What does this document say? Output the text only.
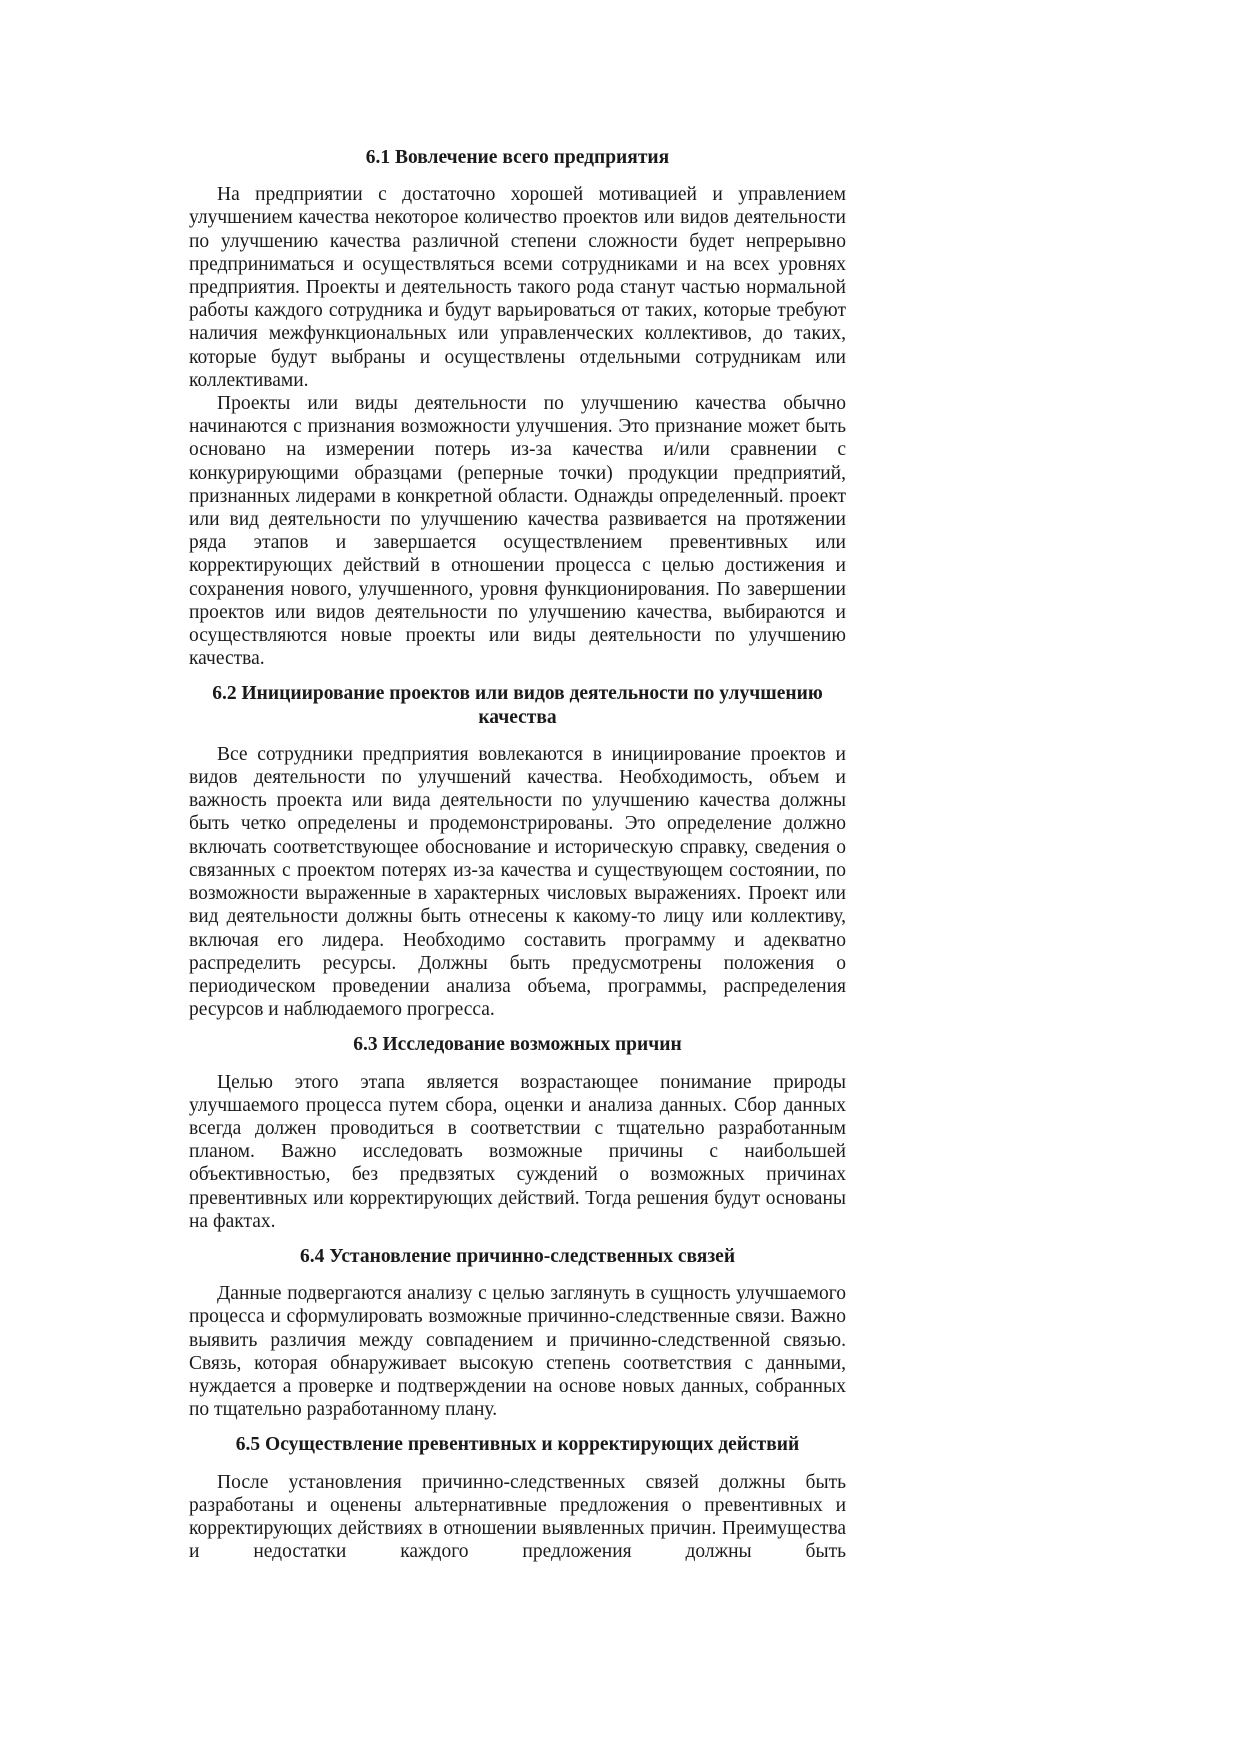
6.1 Вовлечение всего предприятия

На предприятии с достаточно хорошей мотивацией и управлением улучшением качества некоторое количество проектов или видов деятельности по улучшению качества различной степени сложности будет непрерывно предприниматься и осуществляться всеми сотрудниками и на всех уровнях предприятия. Проекты и деятельность такого рода станут частью нормальной работы каждого сотрудника и будут варьироваться от таких, которые требуют наличия межфункциональных или управленческих коллективов, до таких, которые будут выбраны и осуществлены отдельными сотрудникам или коллективами.

Проекты или виды деятельности по улучшению качества обычно начинаются с признания возможности улучшения. Это признание может быть основано на измерении потерь из-за качества и/или сравнении с конкурирующими образцами (реперные точки) продукции предприятий, признанных лидерами в конкретной области. Однажды определенный. проект или вид деятельности по улучшению качества развивается на протяжении ряда этапов и завершается осуществлением превентивных или корректирующих действий в отношении процесса с целью достижения и сохранения нового, улучшенного, уровня функционирования. По завершении проектов или видов деятельности по улучшению качества, выбираются и осуществляются новые проекты или виды деятельности по улучшению качества.

6.2 Инициирование проектов или видов деятельности по улучшению качества

Все сотрудники предприятия вовлекаются в инициирование проектов и видов деятельности по улучшений качества. Необходимость, объем и важность проекта или вида деятельности по улучшению качества должны быть четко определены и продемонстрированы. Это определение должно включать соответствующее обоснование и историческую справку, сведения о связанных с проектом потерях из-за качества и существующем состоянии, по возможности выраженные в характерных числовых выражениях. Проект или вид деятельности должны быть отнесены к какому-то лицу или коллективу, включая его лидера. Необходимо составить программу и адекватно распределить ресурсы. Должны быть предусмотрены положения о периодическом проведении анализа объема, программы, распределения ресурсов и наблюдаемого прогресса.

6.3 Исследование возможных причин

Целью этого этапа является возрастающее понимание природы улучшаемого процесса путем сбора, оценки и анализа данных. Сбор данных всегда должен проводиться в соответствии с тщательно разработанным планом. Важно исследовать возможные причины с наибольшей объективностью, без предвзятых суждений о возможных причинах превентивных или корректирующих действий. Тогда решения будут основаны на фактах.

6.4 Установление причинно-следственных связей

Данные подвергаются анализу с целью заглянуть в сущность улучшаемого процесса и сформулировать возможные причинно-следственные связи. Важно выявить различия между совпадением и причинно-следственной связью. Связь, которая обнаруживает высокую степень соответствия с данными, нуждается а проверке и подтверждении на основе новых данных, собранных по тщательно разработанному плану.

6.5 Осуществление превентивных и корректирующих действий

После установления причинно-следственных связей должны быть разработаны и оценены альтернативные предложения о превентивных и корректирующих действиях в отношении выявленных причин. Преимущества и недостатки каждого предложения должны быть
